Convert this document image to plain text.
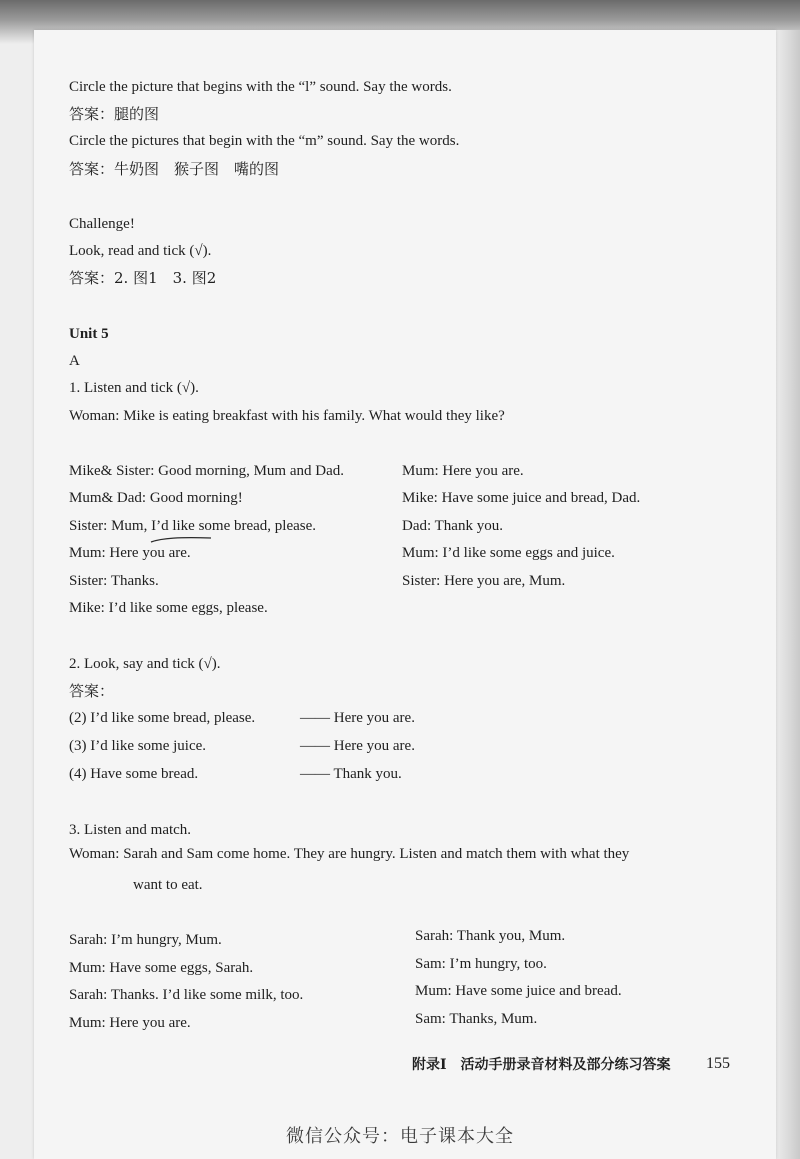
Circle the picture that begins with the “l” sound. Say the words.
答案：腿的图
Circle the pictures that begin with the “m” sound. Say the words.
答案：牛奶图　猴子图　嘴的图
Challenge!
Look, read and tick (√).
答案：2. 图1　3. 图2
Unit 5
A
1. Listen and tick (√).
Woman: Mike is eating breakfast with his family. What would they like?
Mike& Sister: Good morning, Mum and Dad.
Mum& Dad: Good morning!
Sister: Mum, I’d like some bread, please.
Mum: Here you are.
Sister: Thanks.
Mike: I’d like some eggs, please.
Mum: Here you are.
Mike: Have some juice and bread, Dad.
Dad: Thank you.
Mum: I’d like some eggs and juice.
Sister: Here you are, Mum.
2. Look, say and tick (√).
答案：
(2) I’d like some bread, please.	—— Here you are.
(3) I’d like some juice.	—— Here you are.
(4) Have some bread.	—— Thank you.
3. Listen and match.
Woman: Sarah and Sam come home. They are hungry. Listen and match them with what they
want to eat.
Sarah: I’m hungry, Mum.
Mum: Have some eggs, Sarah.
Sarah: Thanks. I’d like some milk, too.
Mum: Here you are.
Sarah: Thank you, Mum.
Sam: I’m hungry, too.
Mum: Have some juice and bread.
Sam: Thanks, Mum.
附录I　活动手册录音材料及部分练习答案 155
微信公众号：电子课本大全
